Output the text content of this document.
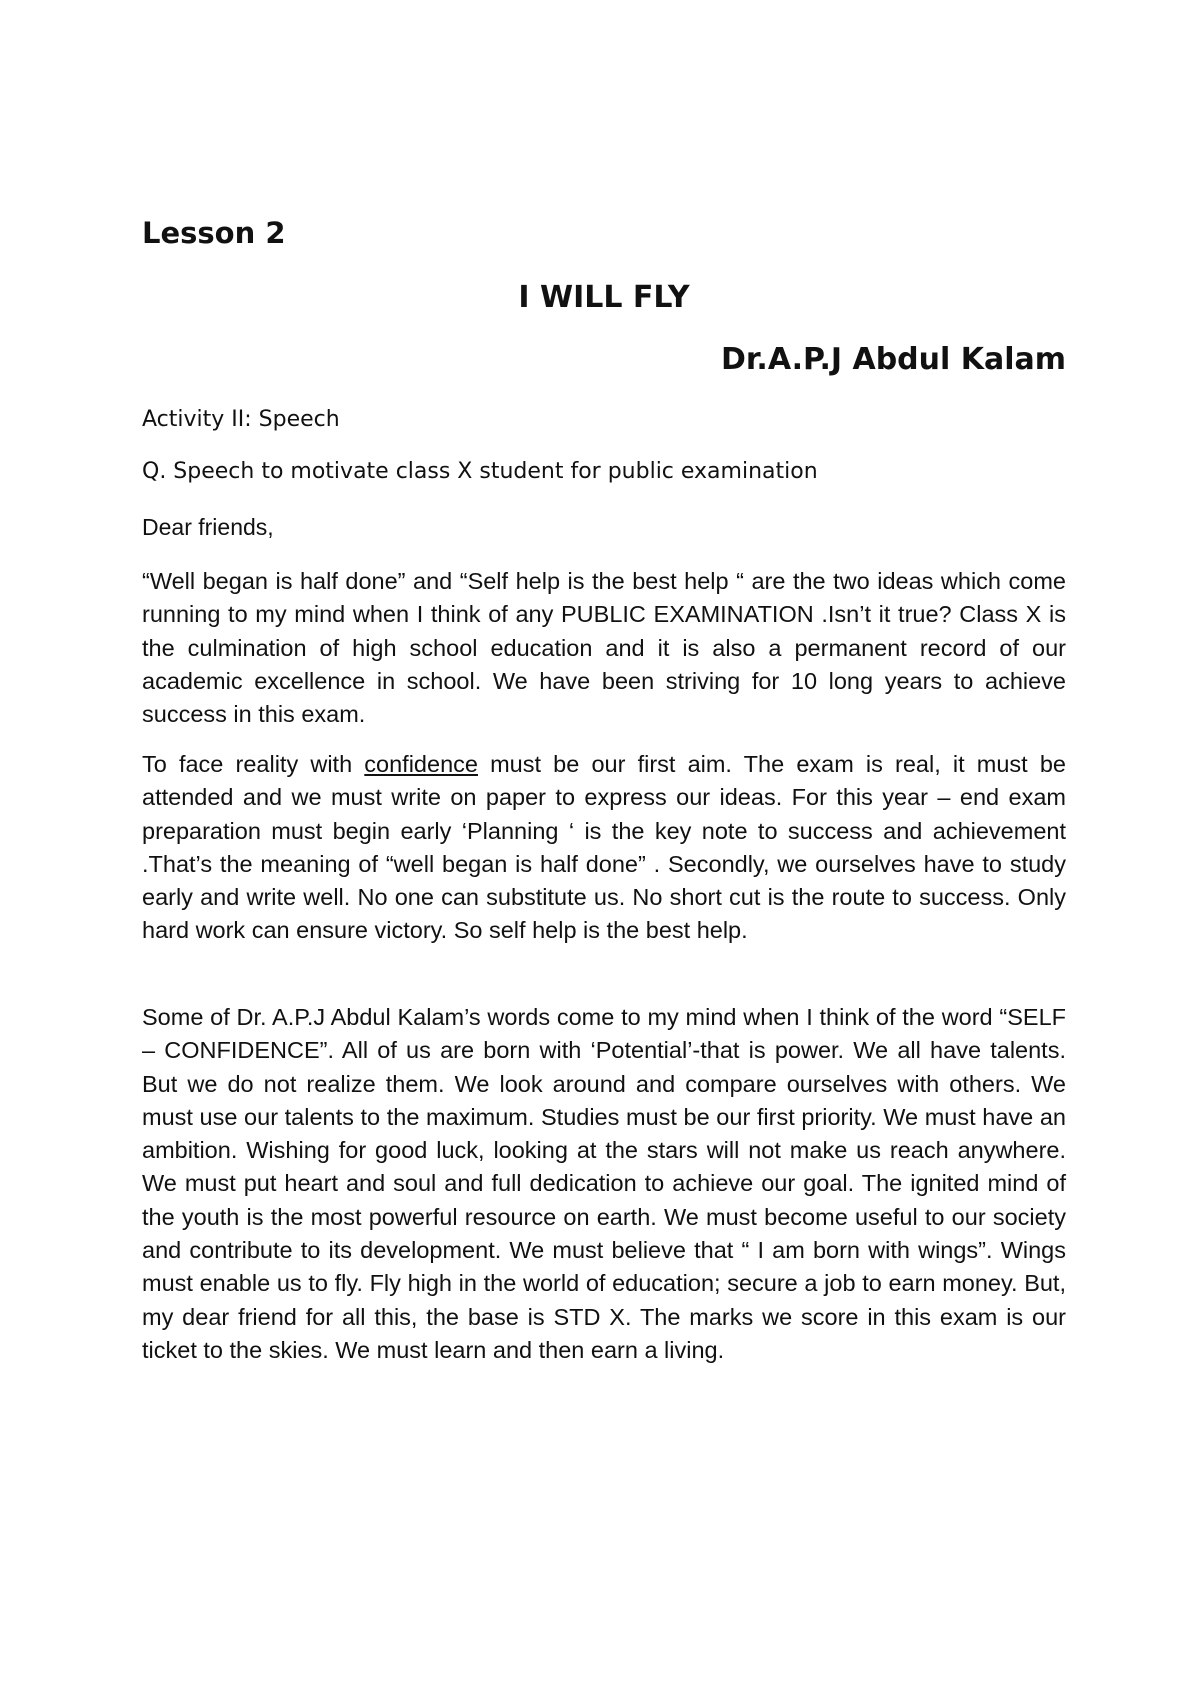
Lesson 2
I WILL FLY
Dr.A.P.J Abdul Kalam

Activity II: Speech

Q. Speech to motivate class X student for public examination

Dear friends,

“Well began is half done” and “Self help is the best help “ are the two ideas which come running to my mind when I think of any PUBLIC EXAMINATION .Isn’t it true? Class X is the culmination of high school education and it is also a permanent record of our academic excellence in school. We have been striving for 10 long years to achieve success in this exam.

To face reality with confidence must be our first aim. The exam is real, it must be attended and we must write on paper to express our ideas. For this year – end exam preparation must begin early ‘Planning ‘ is the key note to success and achievement .That’s the meaning of “well began is half done” . Secondly, we ourselves have to study early and write well. No one can substitute us. No short cut is the route to success. Only hard work can ensure victory. So self help is the best help.

Some of Dr. A.P.J Abdul Kalam’s words come to my mind when I think of the word “SELF – CONFIDENCE”. All of us are born with ‘Potential’-that is power. We all have talents. But we do not realize them. We look around and compare ourselves with others. We must use our talents to the maximum. Studies must be our first priority. We must have an ambition. Wishing for good luck, looking at the stars will not make us reach anywhere. We must put heart and soul and full dedication to achieve our goal. The ignited mind of the youth is the most powerful resource on earth. We must become useful to our society and contribute to its development. We must believe that “ I am born with wings”. Wings must enable us to fly. Fly high in the world of education; secure a job to earn money. But, my dear friend for all this, the base is STD X. The marks we score in this exam is our ticket to the skies. We must learn and then earn a living.
